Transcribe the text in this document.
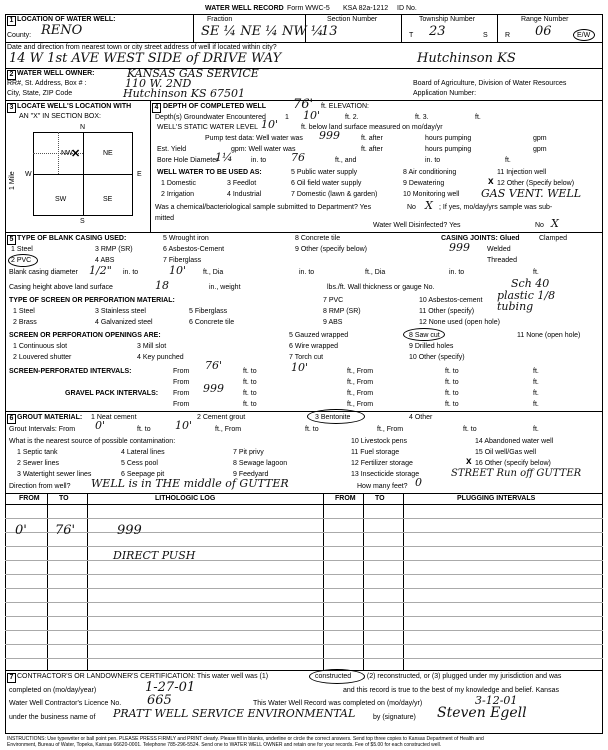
WATER WELL RECORD Form WWC-5 KSA 82a-1212 ID No.
1 LOCATION OF WATER WELL:
County: RENO
Fraction
SE ¼ NE ¼ NW ¼
Section Number
13
Township Number
T 23	S
Range Number
R 06	E/W
Date and direction from nearest town or city street address of well if located within city?
14 W 1st AVE WEST SIDE of DRIVE WAY	Hutchinson KS
2 WATER WELL OWNER:	KANSAS GAS SERVICE
RR#, St. Address, Box # :	110 W. 2ND
City, State, ZIP Code	Hutchinson KS 67501
Board of Agriculture, Division of Water Resources
Application Number:
3 LOCATE WELL'S LOCATION WITH
AN "X" IN SECTION BOX:
N
S
W	E
NW	NE
SW	SE
1 Mile
✕
4 DEPTH OF COMPLETED WELL 76' ft. ELEVATION:
Depth(s) Groundwater Encountered	1 10'	ft. 2.	ft. 3.	ft.
WELL'S STATIC WATER LEVEL 10'	ft. below land surface measured on mo/day/yr
Pump test data: Well water was 999	ft. after	hours pumping	gpm
Est. Yield	gpm: Well water was	ft. after	hours pumping	gpm
Bore Hole Diameter
1¼	in. to 76	ft., and	in. to	ft.
WELL WATER TO BE USED AS:
1 Domestic
2 Irrigation
3 Feedlot
4 Industrial
5 Public water supply
6 Oil field water supply
7 Domestic (lawn & garden)
8 Air conditioning
9 Dewatering
10 Monitoring well
11 Injection well
12 Other (Specify below)
x
GAS VENT. WELL
Was a chemical/bacteriological sample submitted to Department? Yes	No X ; If yes, mo/day/yrs sample was sub-
mitted
Water Well Disinfected? Yes	No X
5 TYPE OF BLANK CASING USED:
1 Steel
2 PVC
3 RMP (SR)
4 ABS
5 Wrought iron
6 Asbestos-Cement
7 Fiberglass
8 Concrete tile
9 Other (specify below)
CASING JOINTS: Glued	Clamped
999 Welded
Threaded
Blank casing diameter 1/2" in. to	10' ft., Dia	in. to	ft., Dia	in. to	ft.
Casing height above land surface	18	in., weight	lbs./ft. Wall thickness or gauge No.	Sch 40
TYPE OF SCREEN OR PERFORATION MATERIAL:
1 Steel
2 Brass
3 Stainless steel
4 Galvanized steel
5 Fiberglass
6 Concrete tile
7 PVC
8 RMP (SR)
9 ABS
10 Asbestos-cement
11 Other (specify)
12 None used (open hole)
plastic 1/8 tubing
SCREEN OR PERFORATION OPENINGS ARE:
1 Continuous slot
2 Louvered shutter
3 Mill slot
4 Key punched
5 Gauzed wrapped
6 Wire wrapped
7 Torch cut
8 Saw cut
9 Drilled holes
10 Other (specify)
11 None (open hole)
SCREEN-PERFORATED INTERVALS:	From 76'	ft. to	10'	ft., From	ft. to	ft.
From	ft. to	ft., From	ft. to	ft.
GRAVEL PACK INTERVALS: From 999	ft. to	ft., From	ft. to	ft.
From	ft. to	ft., From	ft. to	ft.
6 GROUT MATERIAL: 1 Neat cement	2 Cement grout	3 Bentonite	4 Other
Grout Intervals: From 0'	ft. to 10'	ft., From	ft. to	ft., From	ft. to	ft.
What is the nearest source of possible contamination:
1 Septic tank
2 Sewer lines
3 Watertight sewer lines
4 Lateral lines
5 Cess pool
6 Seepage pit
7 Pit privy
8 Sewage lagoon
9 Feedyard
10 Livestock pens
11 Fuel storage
12 Fertilizer storage
13 Insecticide storage
14 Abandoned water well
15 Oil well/Gas well
16 Other (specify below)
x
STREET Run off GUTTER
Direction from well? WELL is in THE middle of GUTTER	How many feet? 0
FROM	TO	LITHOLOGIC LOG	FROM	TO	PLUGGING INTERVALS
0' 76'	999
DIRECT PUSH
7 CONTRACTOR'S OR LANDOWNER'S CERTIFICATION: This water well was (1)	constructed , (2) reconstructed, or (3) plugged under my jurisdiction and was
completed on (mo/day/year)	1-27-01	and this record is true to the best of my knowledge and belief. Kansas
Water Well Contractor's Licence No. 665	This Water Well Record was completed on (mo/day/yr)	3-12-01
under the business name of PRATT WELL SERVICE ENVIRONMENTAL	by (signature) Steven Egell
INSTRUCTIONS: Use typewriter or ball point pen. PLEASE PRESS FIRMLY and PRINT clearly. Please fill in blanks, underline or circle the correct answers. Send top three copies to Kansas Department of Health and
Environment, Bureau of Water, Topeka, Kansas 66620-0001. Telephone 785-296-5524. Send one to WATER WELL OWNER and retain one for your records. Fee of $5.00 for each constructed well.
